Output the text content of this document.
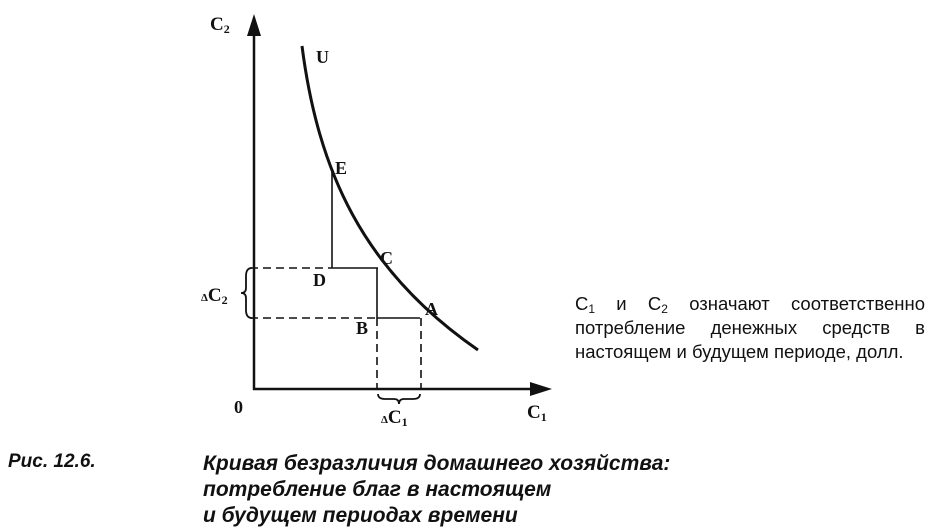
U
E
C
D
A
B
0
C2
C1
ΔC2
ΔC1
$C_1$ и $C_2$ означают соответственно потребление денежных средств в настоящем и будущем периоде, долл.
Рис. 12.6.	Кривая безразличия домашнего хозяйства:
потребление благ в настоящем
и будущем периодах времени
